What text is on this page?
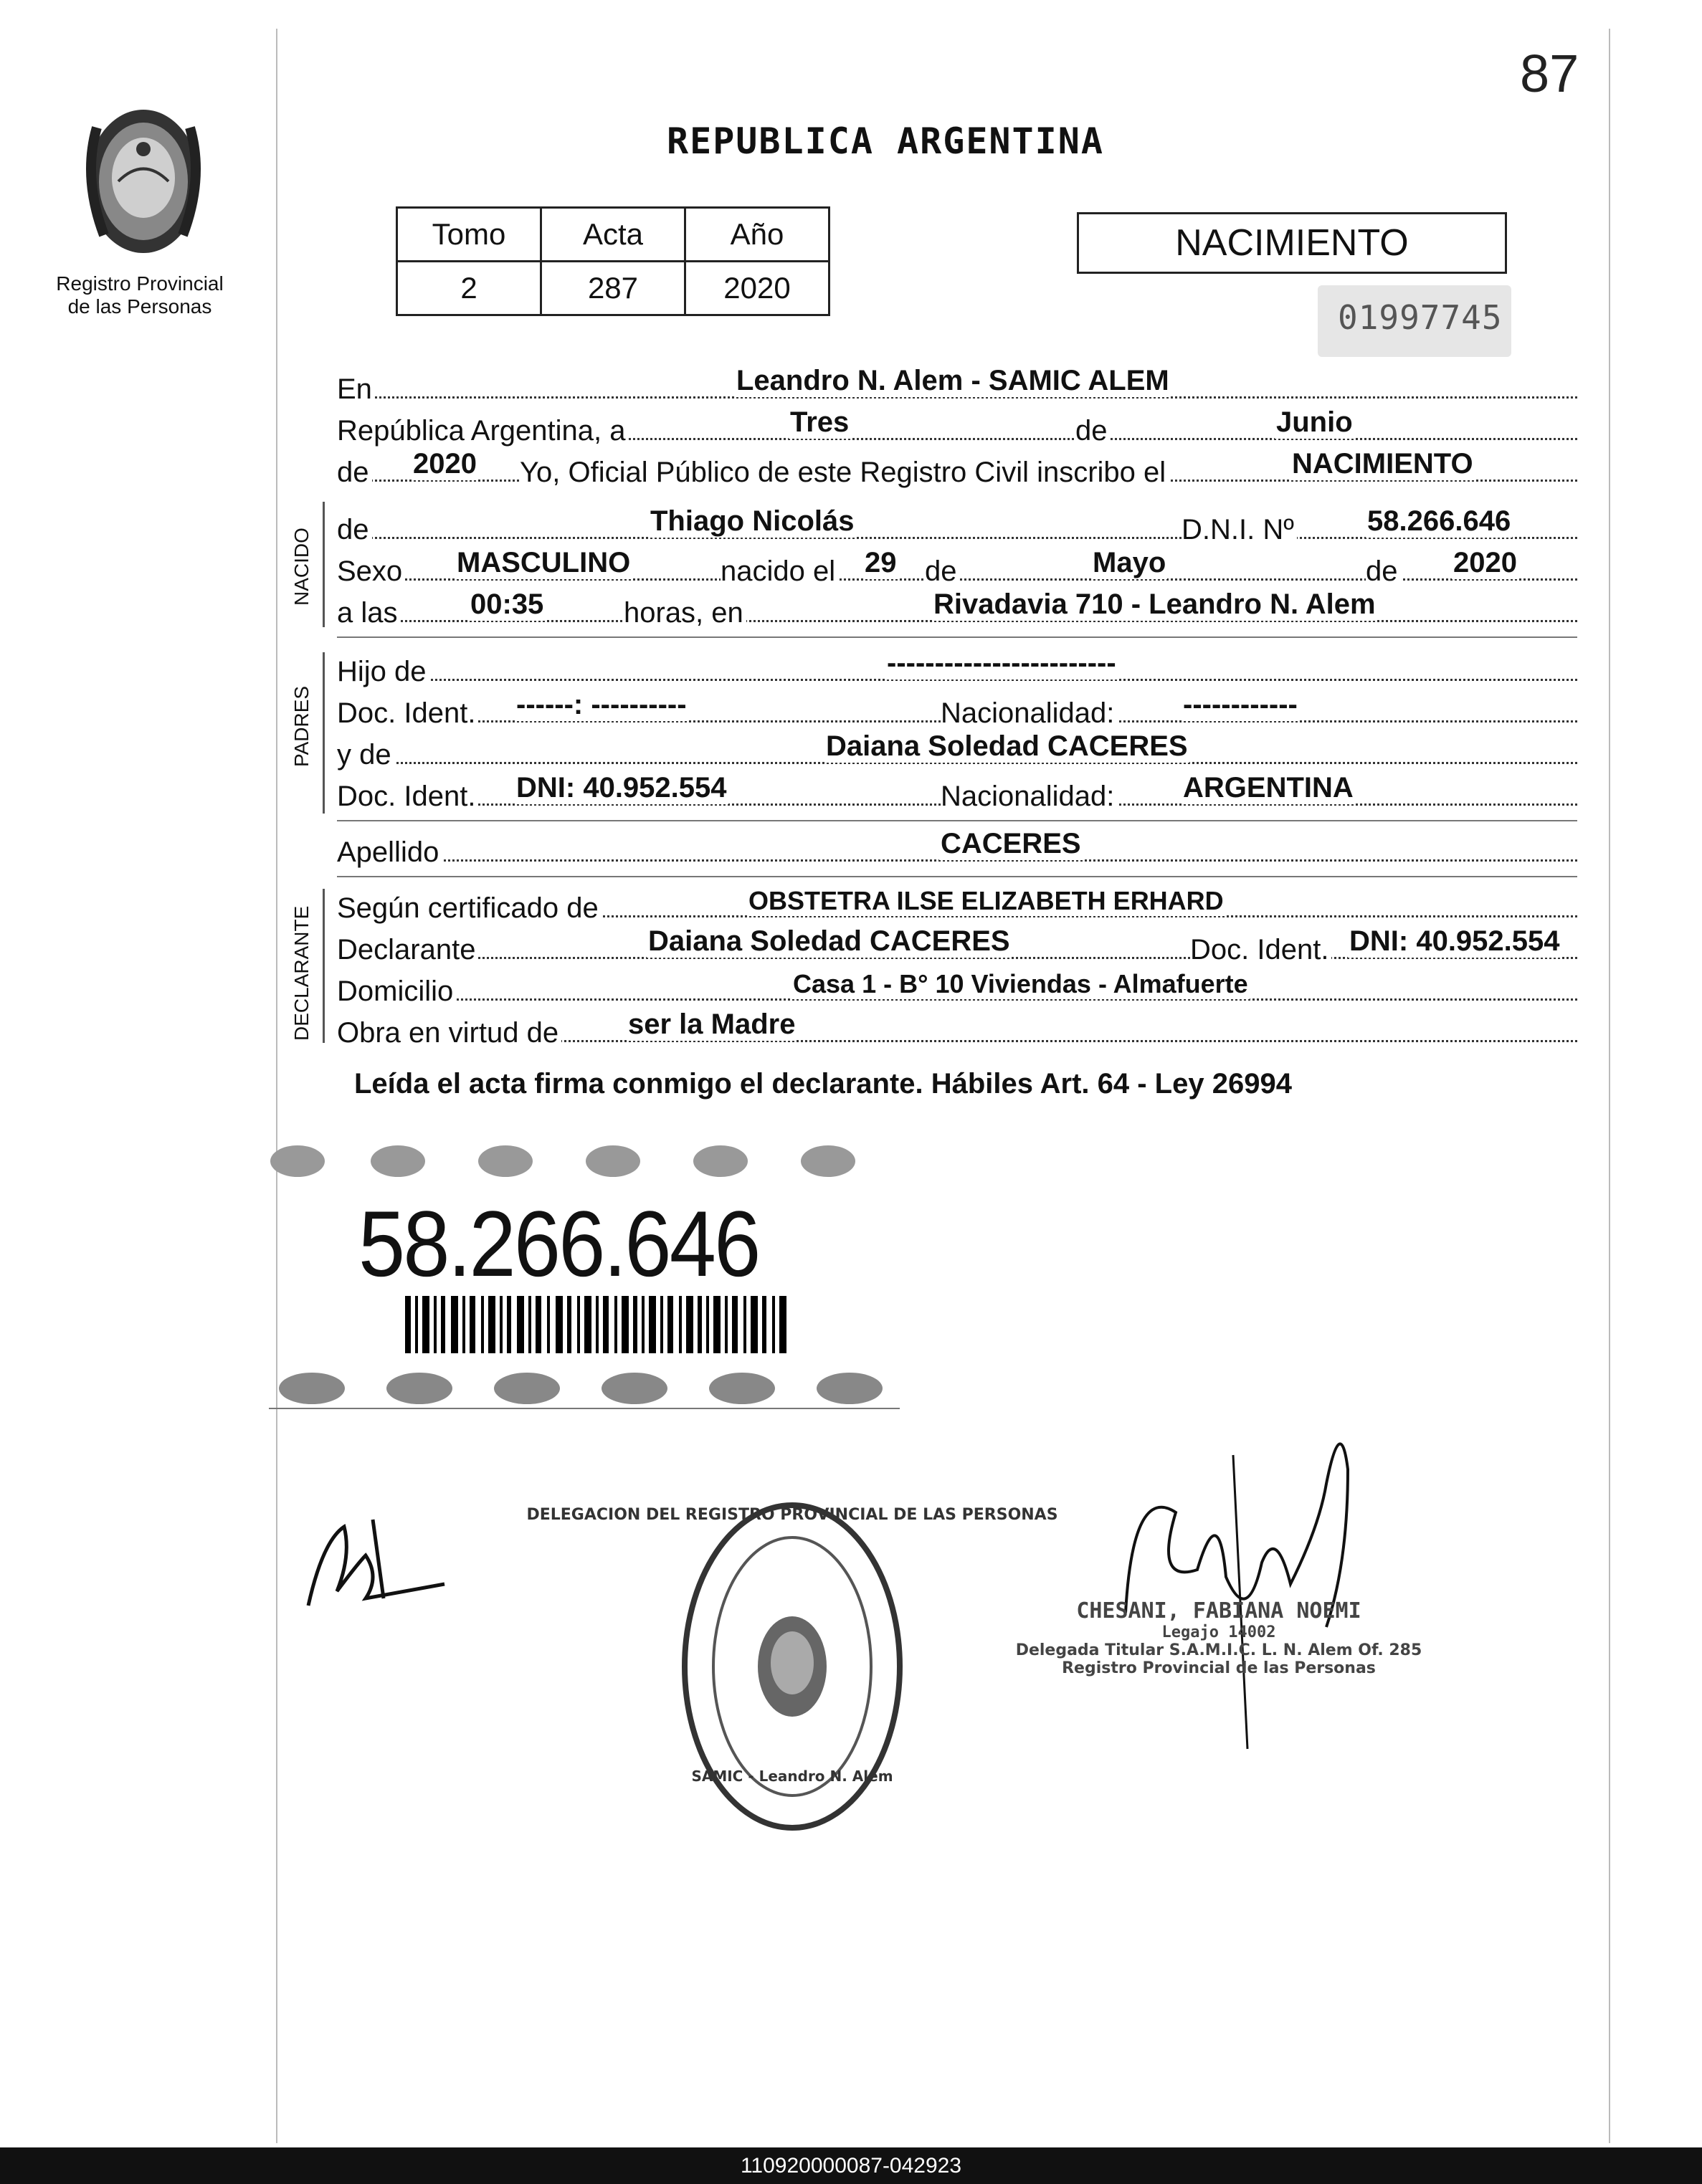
87
Registro Provincial
de las Personas
REPUBLICA ARGENTINA
Tomo	Acta	Año
2	287	2020
NACIMIENTO
01997745
En	Leandro N. Alem - SAMIC ALEM
República Argentina, a	Tres	de	Junio
de 2020 Yo, Oficial Público de este Registro Civil inscribo el	NACIMIENTO
NACIDO de	Thiago Nicolás	D.N.I. Nº	58.266.646
Sexo MASCULINO	nacido el 29 de	Mayo	de 2020
a las	00:35	horas, en	Rivadavia 710 - Leandro N. Alem
PADRES
Hijo de	------------------------
Doc. Ident. ------: ----------	Nacionalidad: ------------
y de	Daiana Soledad CACERES
Doc. Ident. DNI: 40.952.554	Nacionalidad: ARGENTINA
Apellido	CACERES
DECLARANTE Según certificado de	OBSTETRA ILSE ELIZABETH ERHARD
Declarante	Daiana Soledad CACERES	Doc. Ident. DNI: 40.952.554
Domicilio	Casa 1 - B° 10 Viviendas - Almafuerte
Obra en virtud de ser la Madre
Leída el acta firma conmigo el declarante. Hábiles Art. 64 - Ley 26994
58.266.646
DELEGACION DEL REGISTRO PROVINCIAL DE LAS PERSONAS
SAMIC - Leandro N. Alem
CHESANI, FABIANA NOEMI
Legajo 14002
Delegada Titular S.A.M.I.C. L. N. Alem Of. 285
Registro Provincial de las Personas
110920000087-042923
